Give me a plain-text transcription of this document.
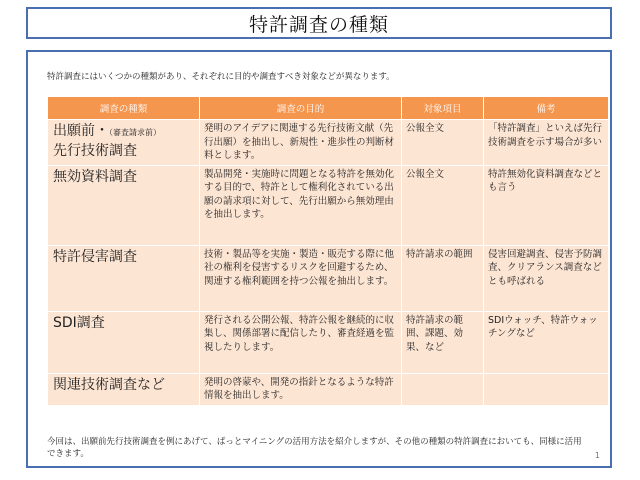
特許調査の種類
特許調査にはいくつかの種類があり、それぞれに目的や調査すべき対象などが異なります。
調査の種類	調査の目的	対象項目	備考
出願前・（審査請求前）
先行技術調査	発明のアイデアに関連する先行技術文献（先行出願）を抽出し、新規性・進歩性の判断材料とします。	公報全文	「特許調査」といえば先行技術調査を示す場合が多い
無効資料調査	製品開発・実施時に問題となる特許を無効化する目的で、特許として権利化されている出願の請求項に対して、先行出願から無効理由を抽出します。	公報全文	特許無効化資料調査などとも言う
特許侵害調査	技術・製品等を実施・製造・販売する際に他社の権利を侵害するリスクを回避するため、関連する権利範囲を持つ公報を抽出します。	特許請求の範囲	侵害回避調査、侵害予防調査、クリアランス調査などとも呼ばれる
SDI調査	発行される公開公報、特許公報を継続的に収集し、関係部署に配信したり、審査経過を監視したりします。	特許請求の範囲、課題、効果、など	SDIウォッチ、特許ウォッチングなど
関連技術調査など	発明の啓蒙や、開発の指針となるような特許情報を抽出します。		
今回は、出願前先行技術調査を例にあげて、ぱっとマイニングの活用方法を紹介しますが、その他の種類の特許調査においても、同様に活用できます。	1
